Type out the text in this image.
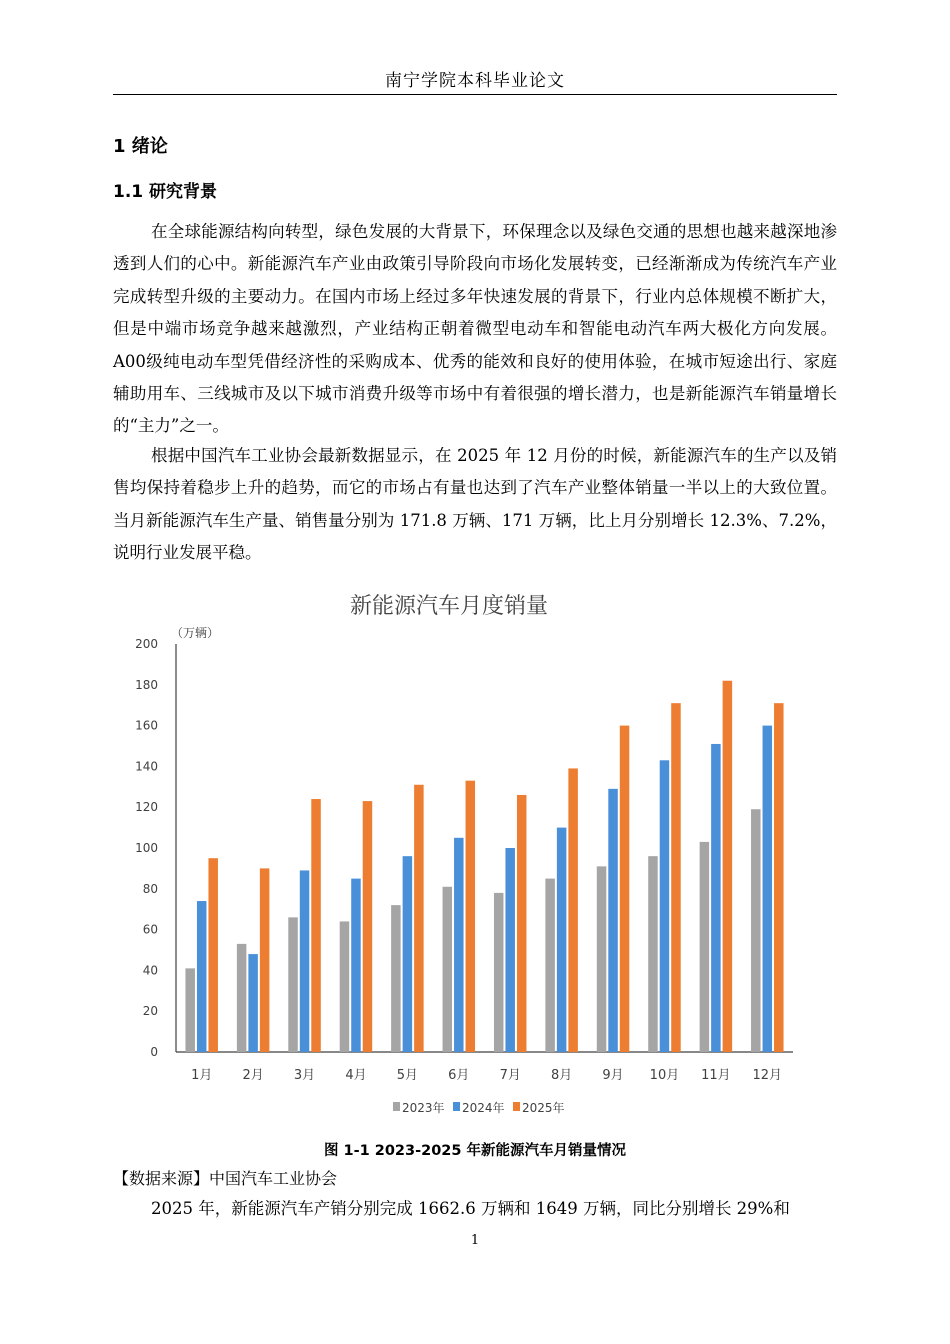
南宁学院本科毕业论文
1 绪论
1.1 研究背景

在全球能源结构向转型，绿色发展的大背景下，环保理念以及绿色交通的思想也越来越深地渗透到人们的心中。新能源汽车产业由政策引导阶段向市场化发展转变，已经渐渐成为传统汽车产业完成转型升级的主要动力。在国内市场上经过多年快速发展的背景下，行业内总体规模不断扩大，但是中端市场竞争越来越激烈，产业结构正朝着微型电动车和智能电动汽车两大极化方向发展。A00级纯电动车型凭借经济性的采购成本、优秀的能效和良好的使用体验，在城市短途出行、家庭辅助用车、三线城市及以下城市消费升级等市场中有着很强的增长潜力，也是新能源汽车销量增长的“主力”之一。

根据中国汽车工业协会最新数据显示，在 2025 年 12 月份的时候，新能源汽车的生产以及销售均保持着稳步上升的趋势，而它的市场占有量也达到了汽车产业整体销量一半以上的大致位置。当月新能源汽车生产量、销售量分别为 171.8 万辆、171 万辆，比上月分别增长 12.3%、7.2%，说明行业发展平稳。

新能源汽车月度销量
（万辆）
0
20
40
60
80
100
120
140
160
180
200
1月 2月 3月 4月 5月 6月 7月 8月 9月 10月 11月 12月
2023年 2024年 2025年
图 1-1 2023-2025 年新能源汽车月销量情况
【数据来源】中国汽车工业协会

2025 年，新能源汽车产销分别完成 1662.6 万辆和 1649 万辆，同比分别增长 29%和

1
